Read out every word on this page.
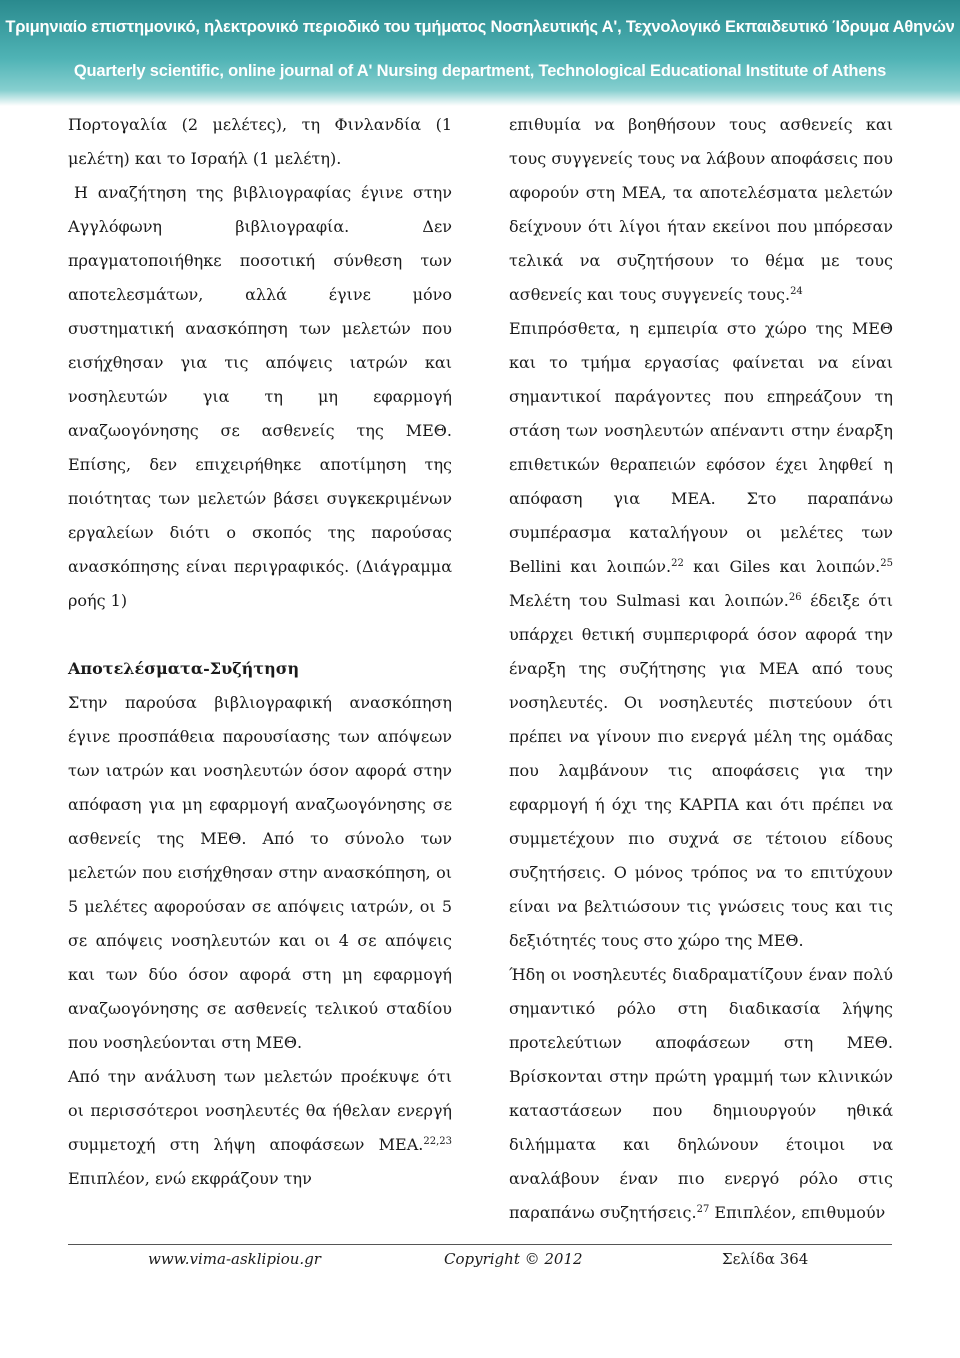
Τριμηνιαίο επιστημονικό, ηλεκτρονικό περιοδικό του τμήματος Νοσηλευτικής Α', Τεχνολογικό Εκπαιδευτικό Ίδρυμα Αθηνών
Quarterly scientific, online journal of A' Nursing department, Technological Educational Institute of Athens

Πορτογαλία (2 μελέτες), τη Φινλανδία (1 μελέτη) και το Ισραήλ (1 μελέτη).

Η αναζήτηση της βιβλιογραφίας έγινε στην Αγγλόφωνη βιβλιογραφία. Δεν πραγματοποιήθηκε ποσοτική σύνθεση των αποτελεσμάτων, αλλά έγινε μόνο συστηματική ανασκόπηση των μελετών που εισήχθησαν για τις απόψεις ιατρών και νοσηλευτών για τη μη εφαρμογή αναζωογόνησης σε ασθενείς της ΜΕΘ. Επίσης, δεν επιχειρήθηκε αποτίμηση της ποιότητας των μελετών βάσει συγκεκριμένων εργαλείων διότι ο σκοπός της παρούσας ανασκόπησης είναι περιγραφικός. (Διάγραμμα ροής 1)

Αποτελέσματα-Συζήτηση

Στην παρούσα βιβλιογραφική ανασκόπηση έγινε προσπάθεια παρουσίασης των απόψεων των ιατρών και νοσηλευτών όσον αφορά στην απόφαση για μη εφαρμογή αναζωογόνησης σε ασθενείς της ΜΕΘ. Από το σύνολο των μελετών που εισήχθησαν στην ανασκόπηση, οι 5 μελέτες αφορούσαν σε απόψεις ιατρών, οι 5 σε απόψεις νοσηλευτών και οι 4 σε απόψεις και των δύο όσον αφορά στη μη εφαρμογή αναζωογόνησης σε ασθενείς τελικού σταδίου που νοσηλεύονται στη ΜΕΘ.

Από την ανάλυση των μελετών προέκυψε ότι οι περισσότεροι νοσηλευτές θα ήθελαν ενεργή συμμετοχή στη λήψη αποφάσεων ΜΕΑ.$^{22,23}$ Επιπλέον, ενώ εκφράζουν την

επιθυμία να βοηθήσουν τους ασθενείς και τους συγγενείς τους να λάβουν αποφάσεις που αφορούν στη ΜΕΑ, τα αποτελέσματα μελετών δείχνουν ότι λίγοι ήταν εκείνοι που μπόρεσαν τελικά να συζητήσουν το θέμα με τους ασθενείς και τους συγγενείς τους.$^{24}$

Επιπρόσθετα, η εμπειρία στο χώρο της ΜΕΘ και το τμήμα εργασίας φαίνεται να είναι σημαντικοί παράγοντες που επηρεάζουν τη στάση των νοσηλευτών απέναντι στην έναρξη επιθετικών θεραπειών εφόσον έχει ληφθεί η απόφαση για ΜΕΑ. Στο παραπάνω συμπέρασμα καταλήγουν οι μελέτες των Bellini και λοιπών.$^{22}$ και Giles και λοιπών.$^{25}$ Μελέτη του Sulmasi και λοιπών.$^{26}$ έδειξε ότι υπάρχει θετική συμπεριφορά όσον αφορά την έναρξη της συζήτησης για ΜΕΑ από τους νοσηλευτές. Οι νοσηλευτές πιστεύουν ότι πρέπει να γίνουν πιο ενεργά μέλη της ομάδας που λαμβάνουν τις αποφάσεις για την εφαρμογή ή όχι της ΚΑΡΠΑ και ότι πρέπει να συμμετέχουν πιο συχνά σε τέτοιου είδους συζητήσεις. Ο μόνος τρόπος να το επιτύχουν είναι να βελτιώσουν τις γνώσεις τους και τις δεξιότητές τους στο χώρο της ΜΕΘ.

Ήδη οι νοσηλευτές διαδραματίζουν έναν πολύ σημαντικό ρόλο στη διαδικασία λήψης προτελεύτιων αποφάσεων στη ΜΕΘ. Βρίσκονται στην πρώτη γραμμή των κλινικών καταστάσεων που δημιουργούν ηθικά διλήμματα και δηλώνουν έτοιμοι να αναλάβουν έναν πιο ενεργό ρόλο στις παραπάνω συζητήσεις.$^{27}$ Επιπλέον, επιθυμούν

www.vima-asklipiou.gr	Copyright © 2012	Σελίδα 364
